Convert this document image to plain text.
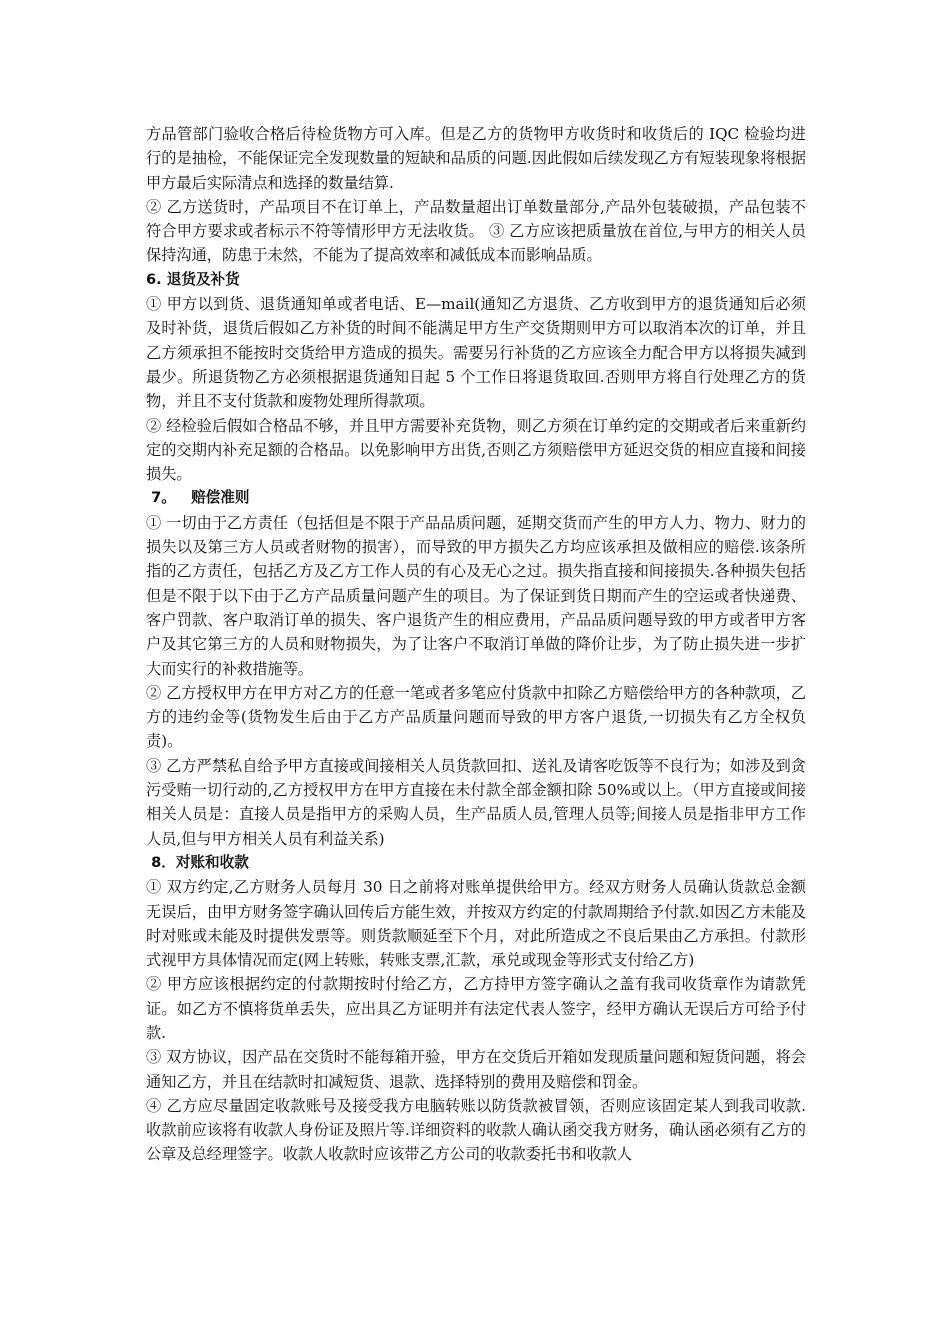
方品管部门验收合格后待检货物方可入库。但是乙方的货物甲方收货时和收货后的 IQC 检验均进行的是抽检，不能保证完全发现数量的短缺和品质的问题.因此假如后续发现乙方有短装现象将根据甲方最后实际清点和选择的数量结算.

② 乙方送货时，产品项目不在订单上，产品数量超出订单数量部分,产品外包装破损，产品包装不符合甲方要求或者标示不符等情形甲方无法收货。 ③ 乙方应该把质量放在首位,与甲方的相关人员保持沟通，防患于未然，不能为了提高效率和减低成本而影响品质。

6. 退货及补货

① 甲方以到货、退货通知单或者电话、E—mail(通知乙方退货、乙方收到甲方的退货通知后必须及时补货，退货后假如乙方补货的时间不能满足甲方生产交货期则甲方可以取消本次的订单，并且乙方须承担不能按时交货给甲方造成的损失。需要另行补货的乙方应该全力配合甲方以将损失减到最少。所退货物乙方必须根据退货通知日起 5 个工作日将退货取回.否则甲方将自行处理乙方的货物，并且不支付货款和废物处理所得款项。

② 经检验后假如合格品不够，并且甲方需要补充货物，则乙方须在订单约定的交期或者后来重新约定的交期内补充足额的合格品。以免影响甲方出货,否则乙方须赔偿甲方延迟交货的相应直接和间接损失。

7。   赔偿准则

① 一切由于乙方责任（包括但是不限于产品品质问题，延期交货而产生的甲方人力、物力、财力的损失以及第三方人员或者财物的损害），而导致的甲方损失乙方均应该承担及做相应的赔偿.该条所指的乙方责任，包括乙方及乙方工作人员的有心及无心之过。损失指直接和间接损失.各种损失包括但是不限于以下由于乙方产品质量问题产生的项目。为了保证到货日期而产生的空运或者快递费、客户罚款、客户取消订单的损失、客户退货产生的相应费用，产品品质问题导致的甲方或者甲方客户及其它第三方的人员和财物损失，为了让客户不取消订单做的降价让步，为了防止损失进一步扩大而实行的补救措施等。

② 乙方授权甲方在甲方对乙方的任意一笔或者多笔应付货款中扣除乙方赔偿给甲方的各种款项，乙方的违约金等(货物发生后由于乙方产品质量问题而导致的甲方客户退货,一切损失有乙方全权负责)。

③ 乙方严禁私自给予甲方直接或间接相关人员货款回扣、送礼及请客吃饭等不良行为；如涉及到贪污受贿一切行动的,乙方授权甲方在甲方直接在未付款全部金额扣除 50%或以上。（甲方直接或间接相关人员是：直接人员是指甲方的采购人员，生产品质人员,管理人员等;间接人员是指非甲方工作人员,但与甲方相关人员有利益关系)

8．对账和收款

① 双方约定,乙方财务人员每月 30 日之前将对账单提供给甲方。经双方财务人员确认货款总金额无误后，由甲方财务签字确认回传后方能生效，并按双方约定的付款周期给予付款.如因乙方未能及时对账或未能及时提供发票等。则货款顺延至下个月，对此所造成之不良后果由乙方承担。付款形式视甲方具体情况而定(网上转账，转账支票,汇款，承兑或现金等形式支付给乙方)

② 甲方应该根据约定的付款期按时付给乙方，乙方持甲方签字确认之盖有我司收货章作为请款凭证。如乙方不慎将货单丢失，应出具乙方证明并有法定代表人签字，经甲方确认无误后方可给予付款.

③ 双方协议，因产品在交货时不能每箱开验，甲方在交货后开箱如发现质量问题和短货问题，将会通知乙方，并且在结款时扣减短货、退款、选择特别的费用及赔偿和罚金。

④ 乙方应尽量固定收款账号及接受我方电脑转账以防货款被冒领，否则应该固定某人到我司收款.收款前应该将有收款人身份证及照片等.详细资料的收款人确认函交我方财务，确认函必须有乙方的公章及总经理签字。收款人收款时应该带乙方公司的收款委托书和收款人
